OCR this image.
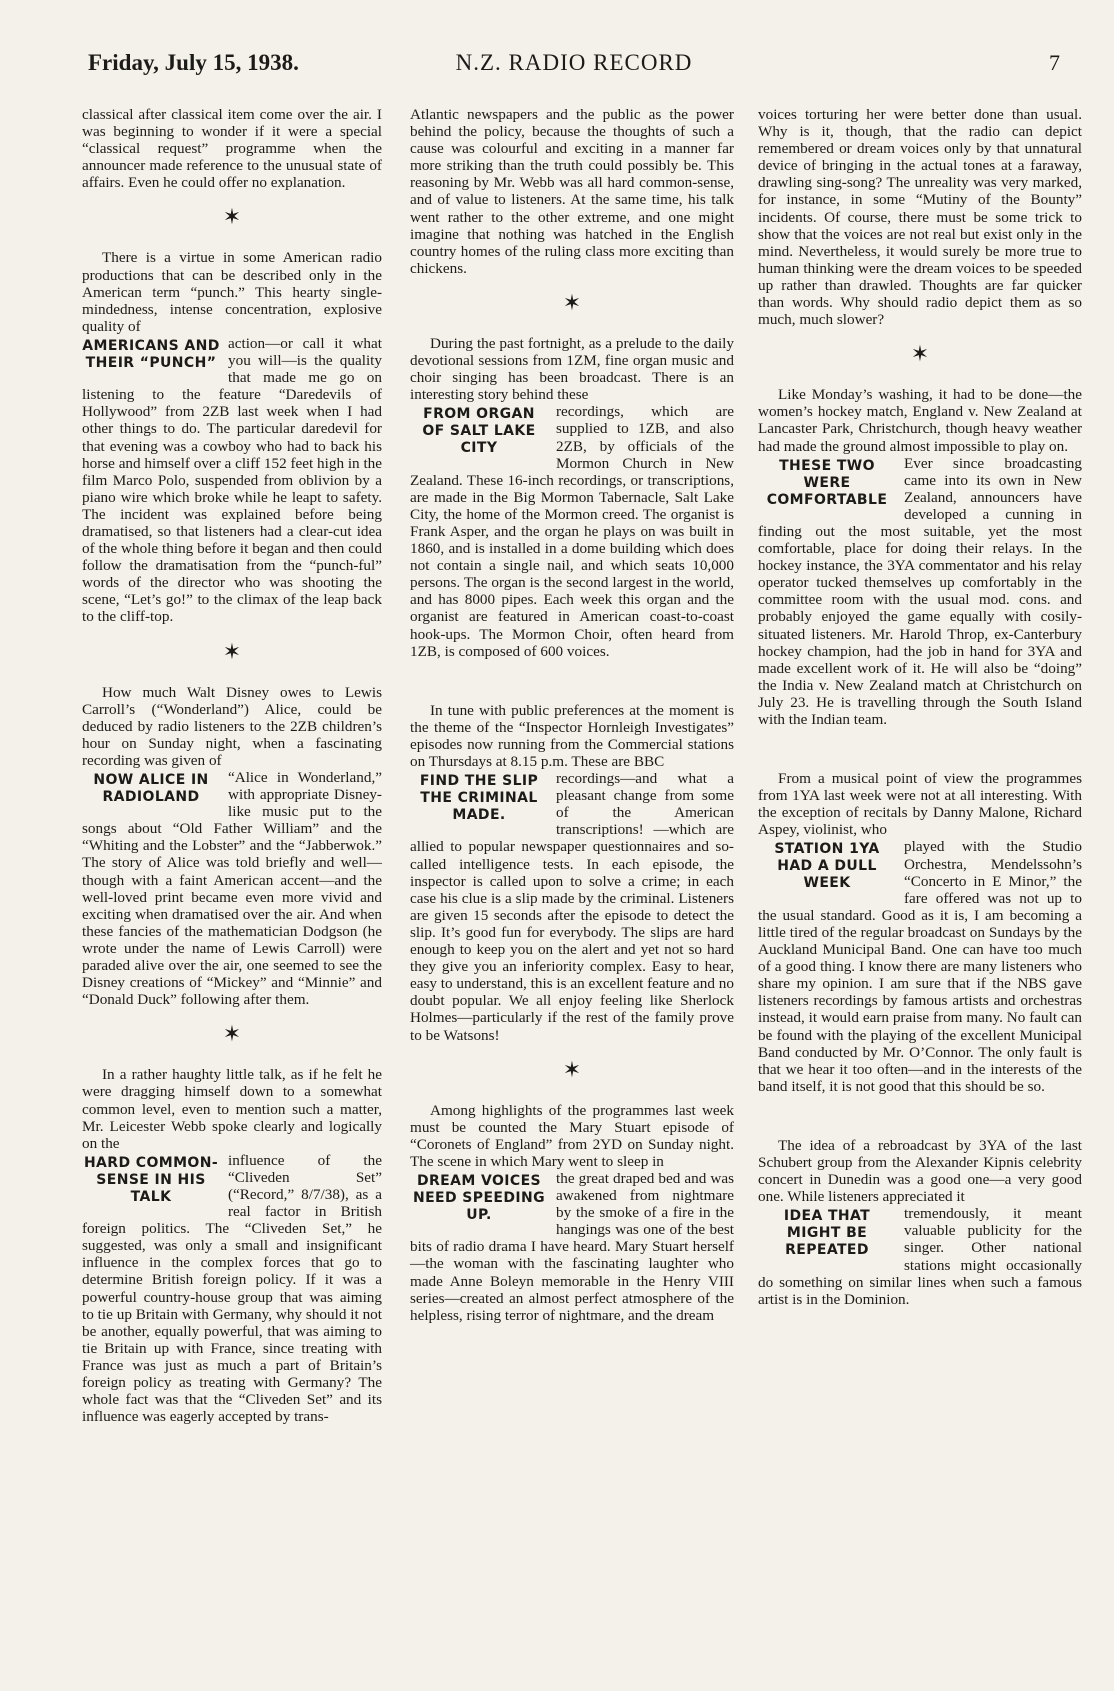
Friday, July 15, 1938.	N.Z. RADIO RECORD	7

classical after classical item come over the air. I was beginning to wonder if it were a special “classical request” programme when the announcer made reference to the unusual state of affairs. Even he could offer no explanation.

✶

There is a virtue in some American radio productions that can be described only in the American term “punch.” This hearty single-mindedness, intense concentration, explosive quality of

AMERICANS AND THEIR “PUNCH”

action—or call it what you will—is the quality that made me go on listening to the feature “Daredevils of Hollywood” from 2ZB last week when I had other things to do. The particular daredevil for that evening was a cowboy who had to back his horse and himself over a cliff 152 feet high in the film Marco Polo, suspended from oblivion by a piano wire which broke while he leapt to safety. The incident was explained before being dramatised, so that listeners had a clear-cut idea of the whole thing before it began and then could follow the dramatisation from the “punch-ful” words of the director who was shooting the scene, “Let’s go!” to the climax of the leap back to the cliff-top.

✶

How much Walt Disney owes to Lewis Carroll’s (“Wonderland”) Alice, could be deduced by radio listeners to the 2ZB children’s hour on Sunday night, when a fascinating recording was given of

NOW ALICE IN RADIOLAND

“Alice in Wonderland,” with appropriate Disney-like music put to the songs about “Old Father William” and the “Whiting and the Lobster” and the “Jabberwok.” The story of Alice was told briefly and well—though with a faint American accent—and the well-loved print became even more vivid and exciting when dramatised over the air. And when these fancies of the mathematician Dodgson (he wrote under the name of Lewis Carroll) were paraded alive over the air, one seemed to see the Disney creations of “Mickey” and “Minnie” and “Donald Duck” following after them.

✶

In a rather haughty little talk, as if he felt he were dragging himself down to a somewhat common level, even to mention such a matter, Mr. Leicester Webb spoke clearly and logically on the

HARD COMMON-SENSE IN HIS TALK

influence of the “Cliveden Set” (“Record,” 8/7/38), as a real factor in British foreign politics. The “Cliveden Set,” he suggested, was only a small and insignificant influence in the complex forces that go to determine British foreign policy. If it was a powerful country-house group that was aiming to tie up Britain with Germany, why should it not be another, equally powerful, that was aiming to tie Britain up with France, since treating with France was just as much a part of Britain’s foreign policy as treating with Germany? The whole fact was that the “Cliveden Set” and its influence was eagerly accepted by trans-

Atlantic newspapers and the public as the power behind the policy, because the thoughts of such a cause was colourful and exciting in a manner far more striking than the truth could possibly be. This reasoning by Mr. Webb was all hard common-sense, and of value to listeners. At the same time, his talk went rather to the other extreme, and one might imagine that nothing was hatched in the English country homes of the ruling class more exciting than chickens.

✶

During the past fortnight, as a prelude to the daily devotional sessions from 1ZM, fine organ music and choir singing has been broadcast. There is an interesting story behind these

FROM ORGAN OF SALT LAKE CITY

recordings, which are supplied to 1ZB, and also 2ZB, by officials of the Mormon Church in New Zealand. These 16-inch recordings, or transcriptions, are made in the Big Mormon Tabernacle, Salt Lake City, the home of the Mormon creed. The organist is Frank Asper, and the organ he plays on was built in 1860, and is installed in a dome building which does not contain a single nail, and which seats 10,000 persons. The organ is the second largest in the world, and has 8000 pipes. Each week this organ and the organist are featured in American coast-to-coast hook-ups. The Mormon Choir, often heard from 1ZB, is composed of 600 voices.

In tune with public preferences at the moment is the theme of the “Inspector Hornleigh Investigates” episodes now running from the Commercial stations on Thursdays at 8.15 p.m. These are BBC

FIND THE SLIP THE CRIMINAL MADE.

recordings—and what a pleasant change from some of the American transcriptions! —which are allied to popular newspaper questionnaires and so-called intelligence tests. In each episode, the inspector is called upon to solve a crime; in each case his clue is a slip made by the criminal. Listeners are given 15 seconds after the episode to detect the slip. It’s good fun for everybody. The slips are hard enough to keep you on the alert and yet not so hard they give you an inferiority complex. Easy to hear, easy to understand, this is an excellent feature and no doubt popular. We all enjoy feeling like Sherlock Holmes—particularly if the rest of the family prove to be Watsons!

✶

Among highlights of the programmes last week must be counted the Mary Stuart episode of “Coronets of England” from 2YD on Sunday night. The scene in which Mary went to sleep in

DREAM VOICES NEED SPEEDING UP.

the great draped bed and was awakened from nightmare by the smoke of a fire in the hangings was one of the best bits of radio drama I have heard. Mary Stuart herself—the woman with the fascinating laughter who made Anne Boleyn memorable in the Henry VIII series—created an almost perfect atmosphere of the helpless, rising terror of nightmare, and the dream

voices torturing her were better done than usual. Why is it, though, that the radio can depict remembered or dream voices only by that unnatural device of bringing in the actual tones at a faraway, drawling sing-song? The unreality was very marked, for instance, in some “Mutiny of the Bounty” incidents. Of course, there must be some trick to show that the voices are not real but exist only in the mind. Nevertheless, it would surely be more true to human thinking were the dream voices to be speeded up rather than drawled. Thoughts are far quicker than words. Why should radio depict them as so much, much slower?

✶

Like Monday’s washing, it had to be done—the women’s hockey match, England v. New Zealand at Lancaster Park, Christchurch, though heavy weather had made the ground almost impossible to play on.

THESE TWO WERE COMFORTABLE

Ever since broadcasting came into its own in New Zealand, announcers have developed a cunning in finding out the most suitable, yet the most comfortable, place for doing their relays. In the hockey instance, the 3YA commentator and his relay operator tucked themselves up comfortably in the committee room with the usual mod. cons. and probably enjoyed the game equally with cosily-situated listeners. Mr. Harold Throp, ex-Canterbury hockey champion, had the job in hand for 3YA and made excellent work of it. He will also be “doing” the India v. New Zealand match at Christchurch on July 23. He is travelling through the South Island with the Indian team.

From a musical point of view the programmes from 1YA last week were not at all interesting. With the exception of recitals by Danny Malone, Richard Aspey, violinist, who

STATION 1YA HAD A DULL WEEK

played with the Studio Orchestra, Mendelssohn’s “Concerto in E Minor,” the fare offered was not up to the usual standard. Good as it is, I am becoming a little tired of the regular broadcast on Sundays by the Auckland Municipal Band. One can have too much of a good thing. I know there are many listeners who share my opinion. I am sure that if the NBS gave listeners recordings by famous artists and orchestras instead, it would earn praise from many. No fault can be found with the playing of the excellent Municipal Band conducted by Mr. O’Connor. The only fault is that we hear it too often—and in the interests of the band itself, it is not good that this should be so.

The idea of a rebroadcast by 3YA of the last Schubert group from the Alexander Kipnis celebrity concert in Dunedin was a good one—a very good one. While listeners appreciated it

IDEA THAT MIGHT BE REPEATED

tremendously, it meant valuable publicity for the singer. Other national stations might occasionally do something on similar lines when such a famous artist is in the Dominion.
